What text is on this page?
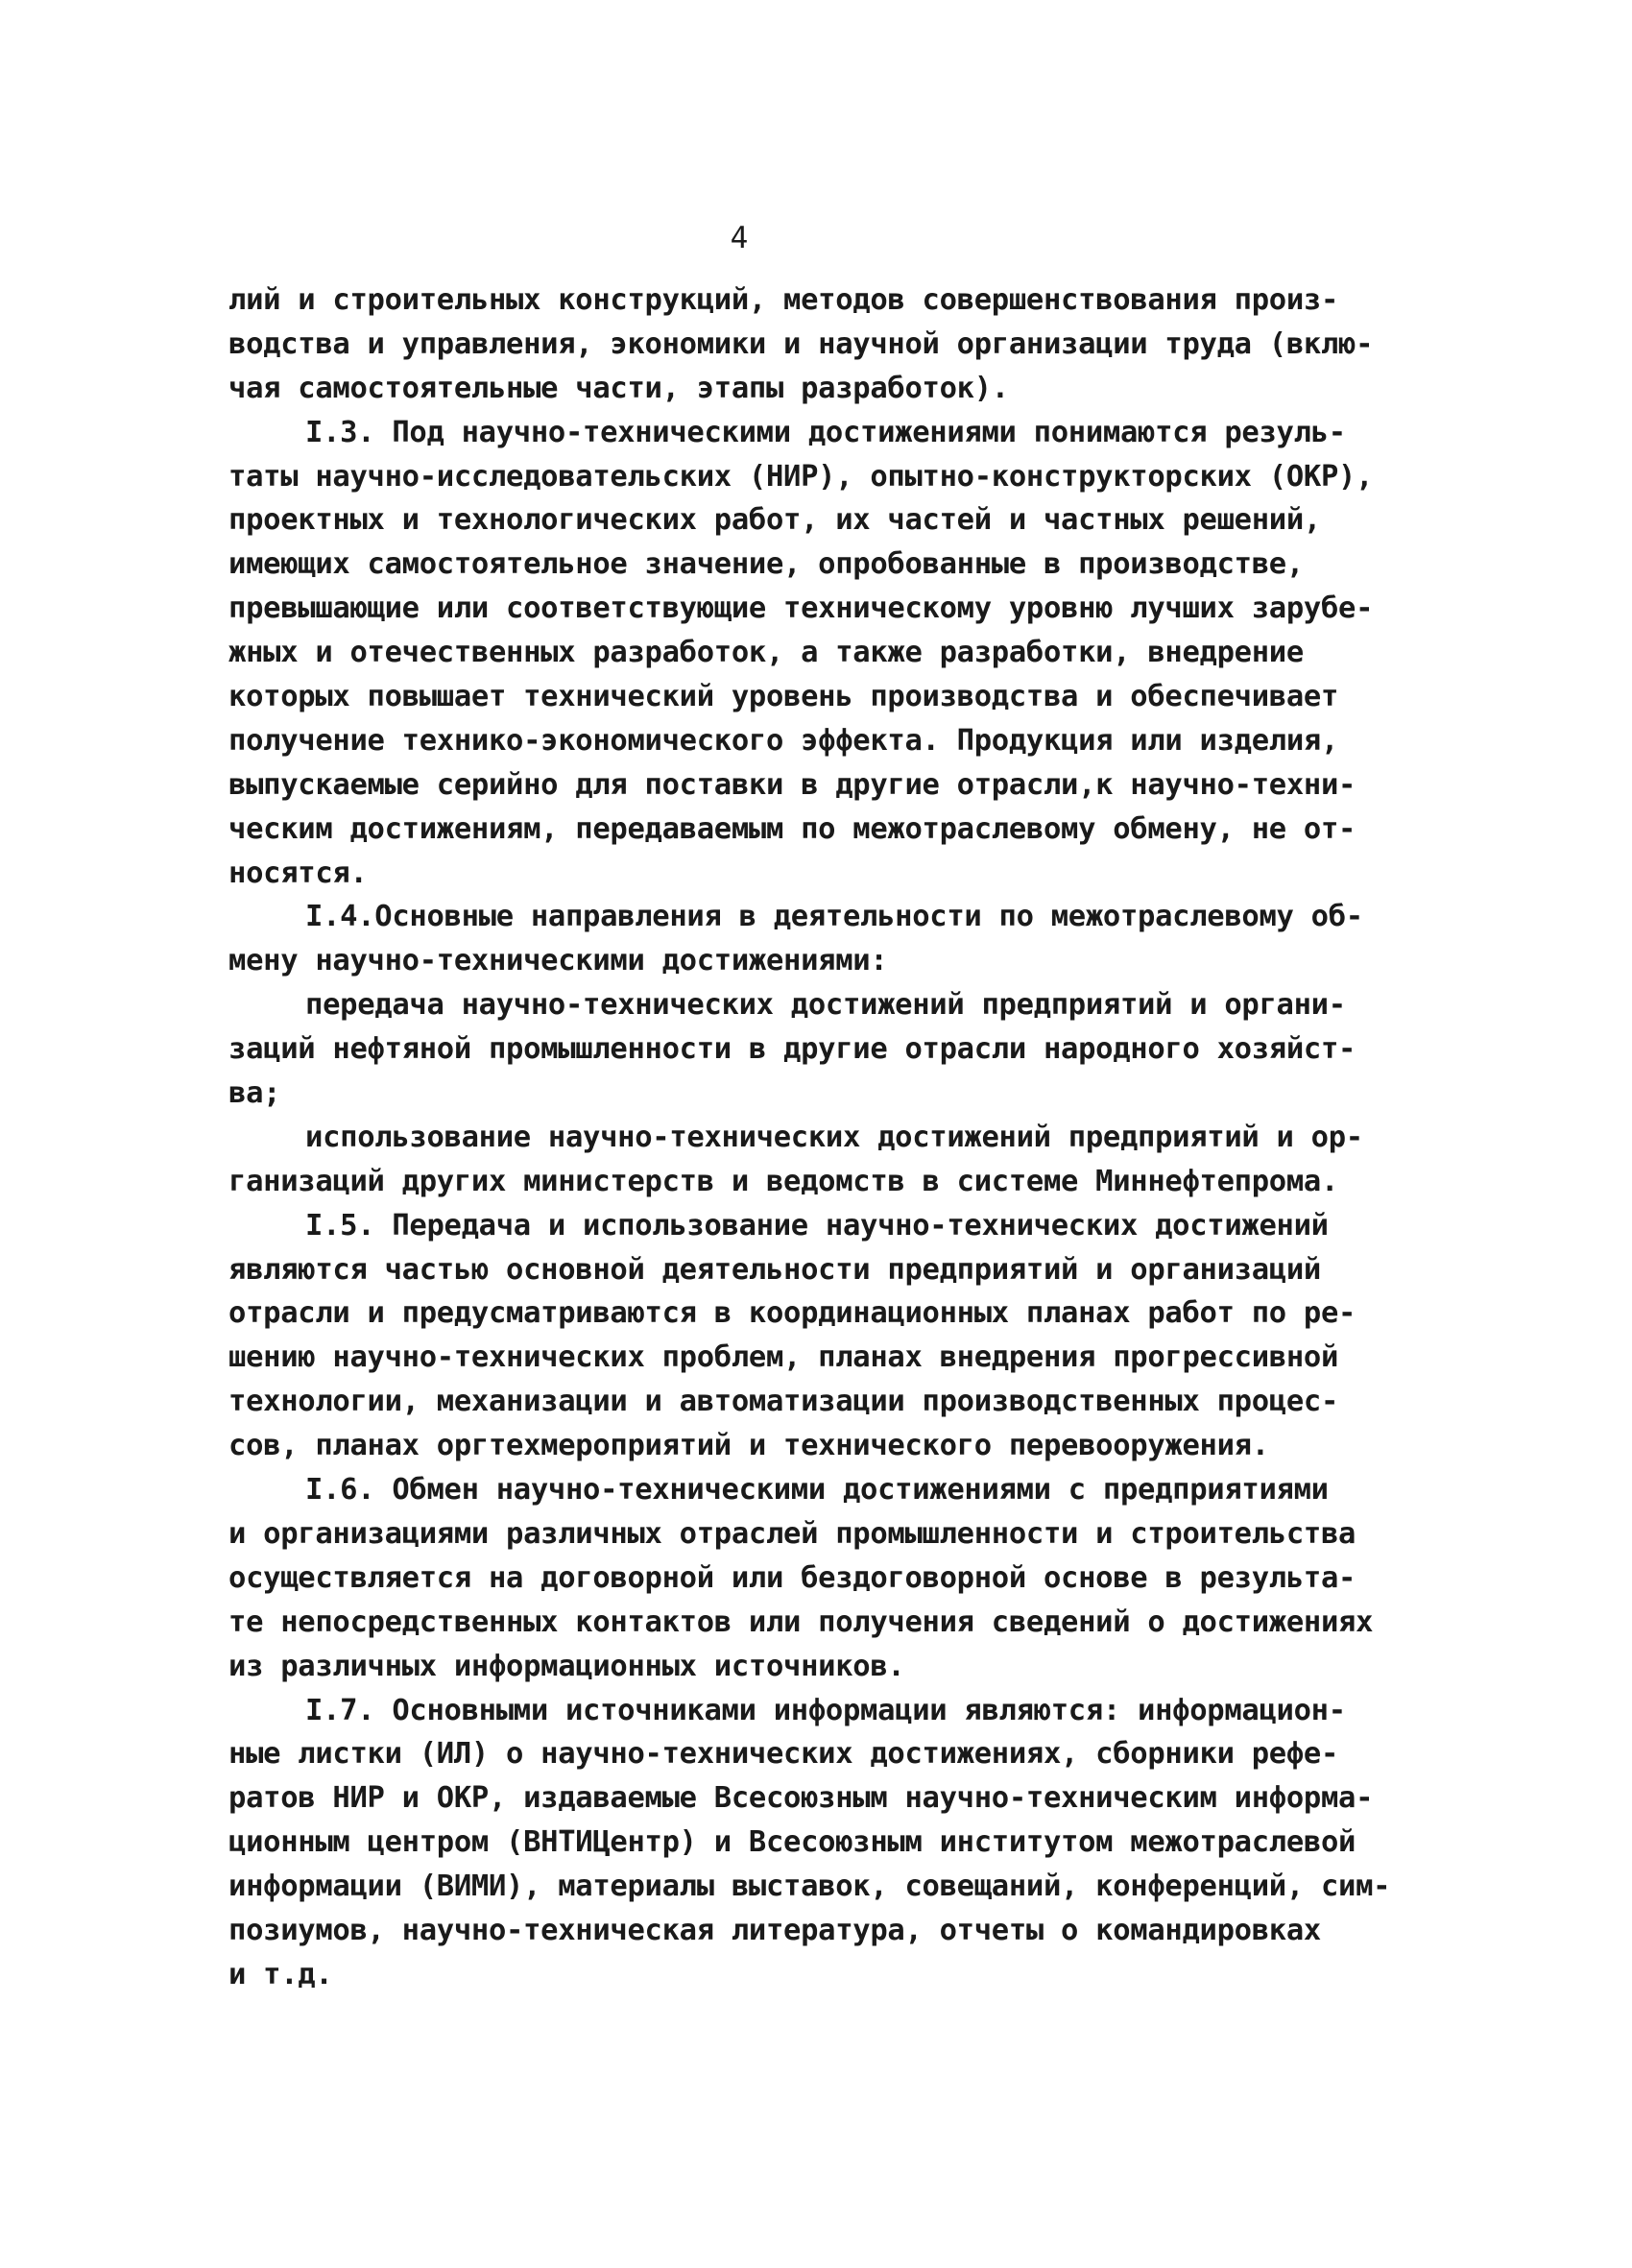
4
лий и строительных конструкций, методов совершенствования произ-
водства и управления, экономики и научной организации труда (вклю-
чая самостоятельные части, этапы разработок).
I.3. Под научно-техническими достижениями понимаются резуль-
таты научно-исследовательских (НИР), опытно-конструкторских (ОКР),
проектных и технологических работ, их частей и частных решений,
имеющих самостоятельное значение, опробованные в производстве,
превышающие или соответствующие техническому уровню лучших зарубе-
жных и отечественных разработок, а также разработки, внедрение
которых повышает технический уровень производства и обеспечивает
получение технико-экономического эффекта. Продукция или изделия,
выпускаемые серийно для поставки в другие отрасли,к научно-техни-
ческим достижениям, передаваемым по межотраслевому обмену, не от-
носятся.
I.4.Основные направления в деятельности по межотраслевому об-
мену научно-техническими достижениями:
передача научно-технических достижений предприятий и органи-
заций нефтяной промышленности в другие отрасли народного хозяйст-
ва;
использование научно-технических достижений предприятий и ор-
ганизаций других министерств и ведомств в системе Миннефтепрома.
I.5. Передача и использование научно-технических достижений
являются частью основной деятельности предприятий и организаций
отрасли и предусматриваются в координационных планах работ по ре-
шению научно-технических проблем, планах внедрения прогрессивной
технологии, механизации и автоматизации производственных процес-
сов, планах оргтехмероприятий и технического перевооружения.
I.6. Обмен научно-техническими достижениями с предприятиями
и организациями различных отраслей промышленности и строительства
осуществляется на договорной или бездоговорной основе в результа-
те непосредственных контактов или получения сведений о достижениях
из различных информационных источников.
I.7. Основными источниками информации являются: информацион-
ные листки (ИЛ) о научно-технических достижениях, сборники рефе-
ратов НИР и ОКР, издаваемые Всесоюзным научно-техническим информа-
ционным центром (ВНТИЦентр) и Всесоюзным институтом межотраслевой
информации (ВИМИ), материалы выставок, совещаний, конференций, сим-
позиумов, научно-техническая литература, отчеты о командировках
и т.д.
